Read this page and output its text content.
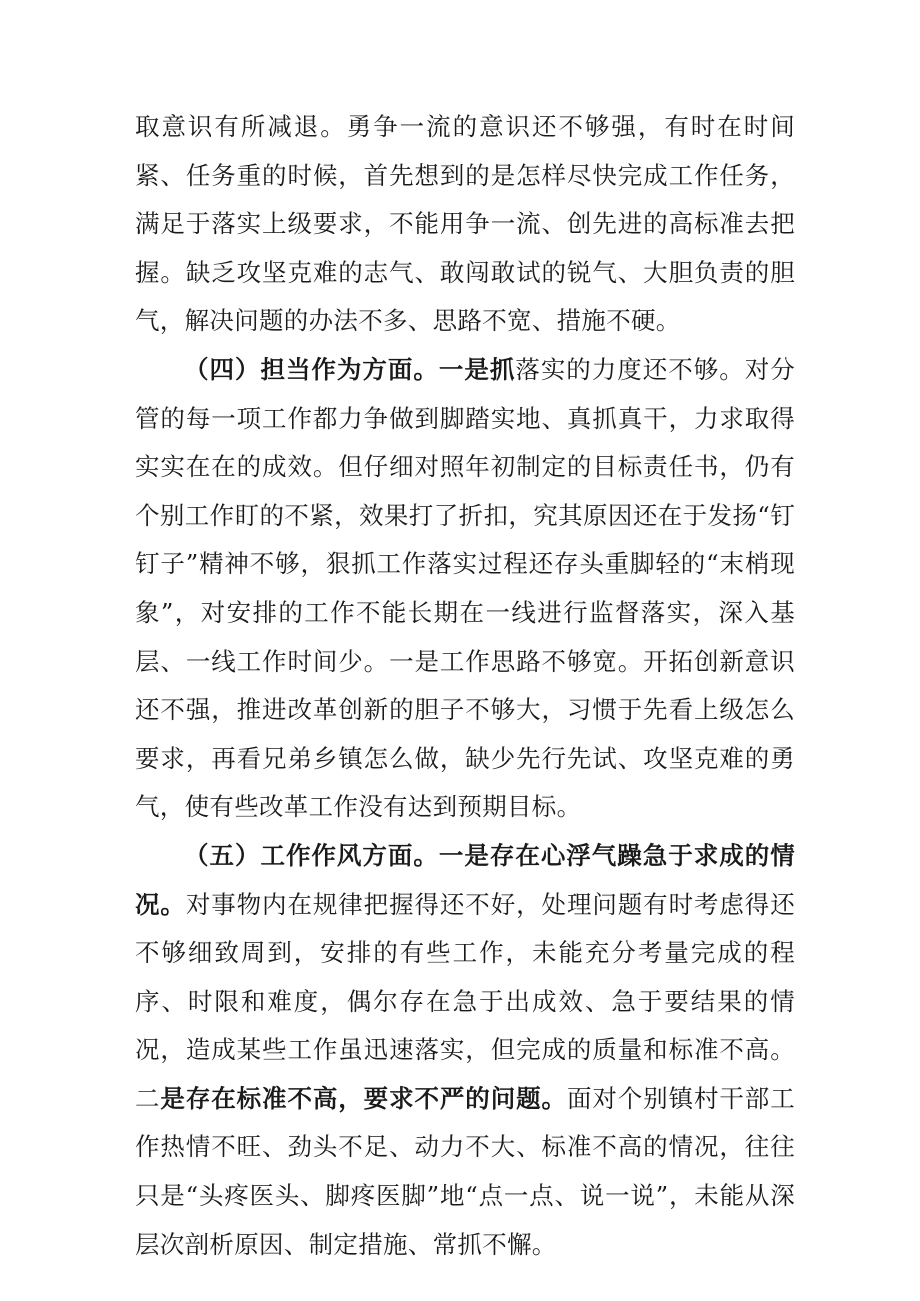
取意识有所减退。勇争一流的意识还不够强，有时在时间紧、任务重的时候，首先想到的是怎样尽快完成工作任务，满足于落实上级要求，不能用争一流、创先进的高标准去把握。缺乏攻坚克难的志气、敢闯敢试的锐气、大胆负责的胆气，解决问题的办法不多、思路不宽、措施不硬。

（四）担当作为方面。一是抓落实的力度还不够。对分管的每一项工作都力争做到脚踏实地、真抓真干，力求取得实实在在的成效。但仔细对照年初制定的目标责任书，仍有个别工作盯的不紧，效果打了折扣，究其原因还在于发扬“钉钉子”精神不够，狠抓工作落实过程还存头重脚轻的“末梢现象”，对安排的工作不能长期在一线进行监督落实，深入基层、一线工作时间少。一是工作思路不够宽。开拓创新意识还不强，推进改革创新的胆子不够大，习惯于先看上级怎么要求，再看兄弟乡镇怎么做，缺少先行先试、攻坚克难的勇气，使有些改革工作没有达到预期目标。

（五）工作作风方面。一是存在心浮气躁急于求成的情况。对事物内在规律把握得还不好，处理问题有时考虑得还不够细致周到，安排的有些工作，未能充分考量完成的程序、时限和难度，偶尔存在急于出成效、急于要结果的情况，造成某些工作虽迅速落实，但完成的质量和标准不高。二是存在标准不高，要求不严的问题。面对个别镇村干部工作热情不旺、劲头不足、动力不大、标准不高的情况，往往只是“头疼医头、脚疼医脚”地“点一点、说一说”，未能从深层次剖析原因、制定措施、常抓不懈。
